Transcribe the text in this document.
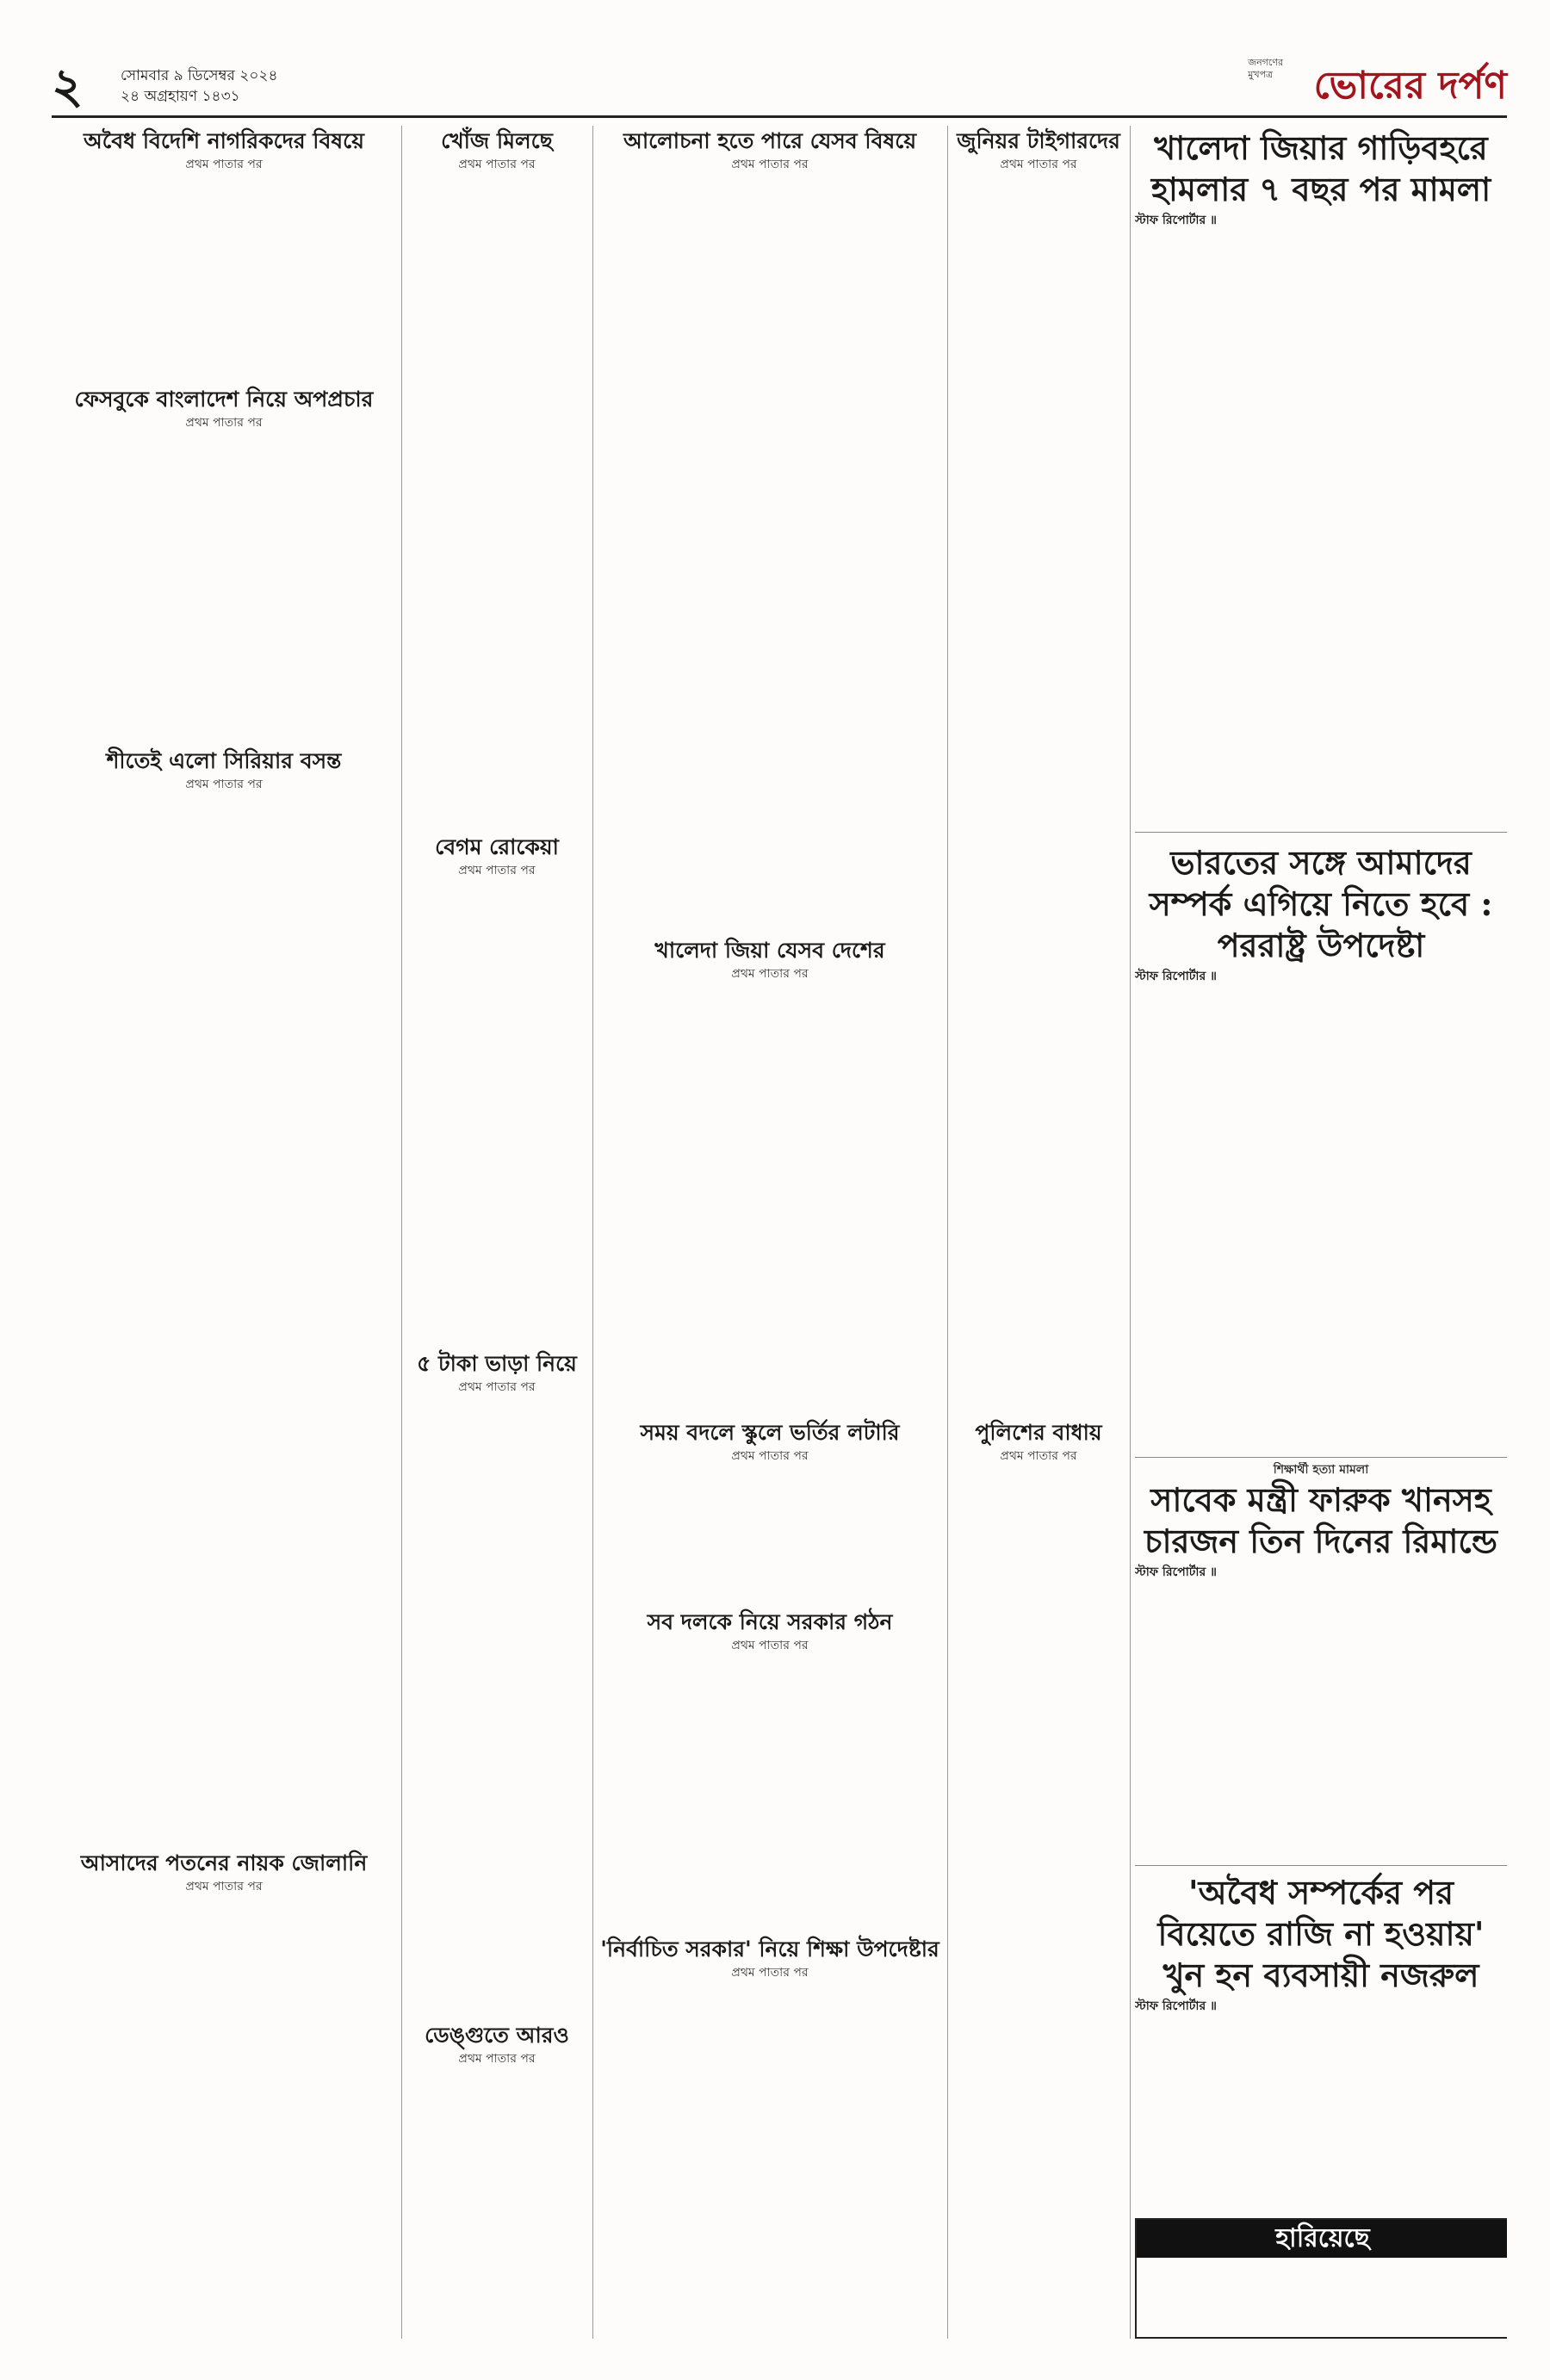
২	সোমবার ৯ ডিসেম্বর ২০২৪
২৪ অগ্রহায়ণ ১৪৩১
জনগণের মুখপত্র ভোরের দর্পণ
অবৈধ বিদেশি নাগরিকদের বিষয়ে
প্রথম পাতার পর
ফেসবুকে বাংলাদেশ নিয়ে অপপ্রচার
প্রথম পাতার পর
শীতেই এলো সিরিয়ার বসন্ত
প্রথম পাতার পর
আসাদের পতনের নায়ক জোলানি
প্রথম পাতার পর
খোঁজ মিলছে
প্রথম পাতার পর
বেগম রোকেয়া
প্রথম পাতার পর
৫ টাকা ভাড়া নিয়ে
প্রথম পাতার পর
ডেঙ্গুতে আরও
প্রথম পাতার পর
আলোচনা হতে পারে যেসব বিষয়ে
প্রথম পাতার পর
খালেদা জিয়া যেসব দেশের
প্রথম পাতার পর
সময় বদলে স্কুলে ভর্তির লটারি
প্রথম পাতার পর
সব দলকে নিয়ে সরকার গঠন
প্রথম পাতার পর
'নির্বাচিত সরকার' নিয়ে শিক্ষা উপদেষ্টার
প্রথম পাতার পর
জুনিয়র টাইগারদের
প্রথম পাতার পর
পুলিশের বাধায়
প্রথম পাতার পর
খালেদা জিয়ার গাড়িবহরে হামলার ৭ বছর পর মামলা
স্টাফ রিপোর্টার ॥
ভারতের সঙ্গে আমাদের সম্পর্ক এগিয়ে নিতে হবে : পররাষ্ট্র উপদেষ্টা
স্টাফ রিপোর্টার ॥
শিক্ষার্থী হত্যা মামলা
সাবেক মন্ত্রী ফারুক খানসহ চারজন তিন দিনের রিমান্ডে
স্টাফ রিপোর্টার ॥
'অবৈধ সম্পর্কের পর বিয়েতে রাজি না হওয়ায়' খুন হন ব্যবসায়ী নজরুল
স্টাফ রিপোর্টার ॥
হারিয়েছে
